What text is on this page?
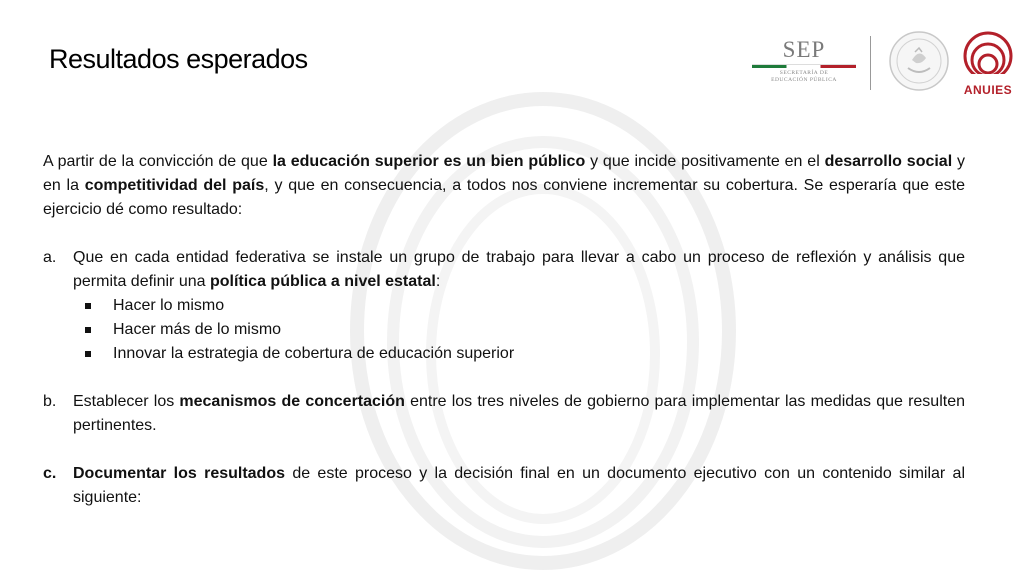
Resultados esperados	SEP
SECRETARÍA DE
EDUCACIÓN PÚBLICA
ANUIES

A partir de la convicción de que la educación superior es un bien público y que incide positivamente en el desarrollo social y en la competitividad del país, y que en consecuencia, a todos nos conviene incrementar su cobertura. Se esperaría que este ejercicio dé como resultado:

a.	Que en cada entidad federativa se instale un grupo de trabajo para llevar a cabo un proceso de reflexión y análisis que permita definir una política pública a nivel estatal:
Hacer lo mismo
Hacer más de lo mismo
Innovar la estrategia de cobertura de educación superior
b.	Establecer los mecanismos de concertación entre los tres niveles de gobierno para implementar las medidas que resulten pertinentes.
c.	Documentar los resultados de este proceso y la decisión final en un documento ejecutivo con un contenido similar al siguiente:
